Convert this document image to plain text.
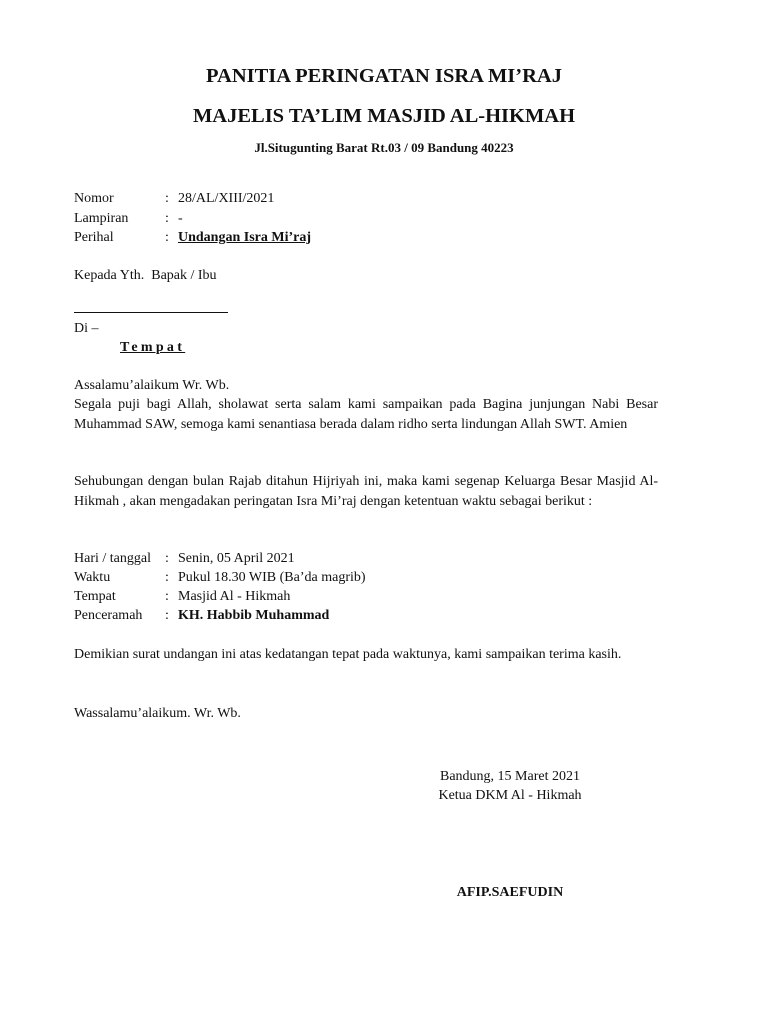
PANITIA PERINGATAN ISRA MI’RAJ
MAJELIS TA’LIM MASJID AL-HIKMAH
Jl.Situgunting Barat Rt.03 / 09 Bandung 40223
Nomor	: 28/AL/XIII/2021
Lampiran	: -
Perihal	: Undangan Isra Mi’raj
Kepada Yth.  Bapak / Ibu
Di –
Tempat
Assalamu’alaikum Wr. Wb.
Segala puji bagi Allah, sholawat serta salam kami sampaikan pada Bagina junjungan Nabi Besar Muhammad SAW, semoga kami senantiasa berada dalam ridho serta lindungan Allah SWT. Amien
Sehubungan dengan bulan Rajab ditahun Hijriyah ini, maka kami segenap Keluarga Besar Masjid Al-Hikmah , akan mengadakan peringatan Isra Mi’raj dengan ketentuan waktu sebagai berikut :
Hari / tanggal : Senin, 05 April 2021
Waktu	: Pukul 18.30 WIB (Ba’da magrib)
Tempat	: Masjid Al - Hikmah
Penceramah : KH. Habbib Muhammad
Demikian surat undangan ini atas kedatangan tepat pada waktunya, kami sampaikan terima kasih.
Wassalamu’alaikum. Wr. Wb.
Bandung, 15 Maret 2021
Ketua DKM Al - Hikmah
AFIP.SAEFUDIN
